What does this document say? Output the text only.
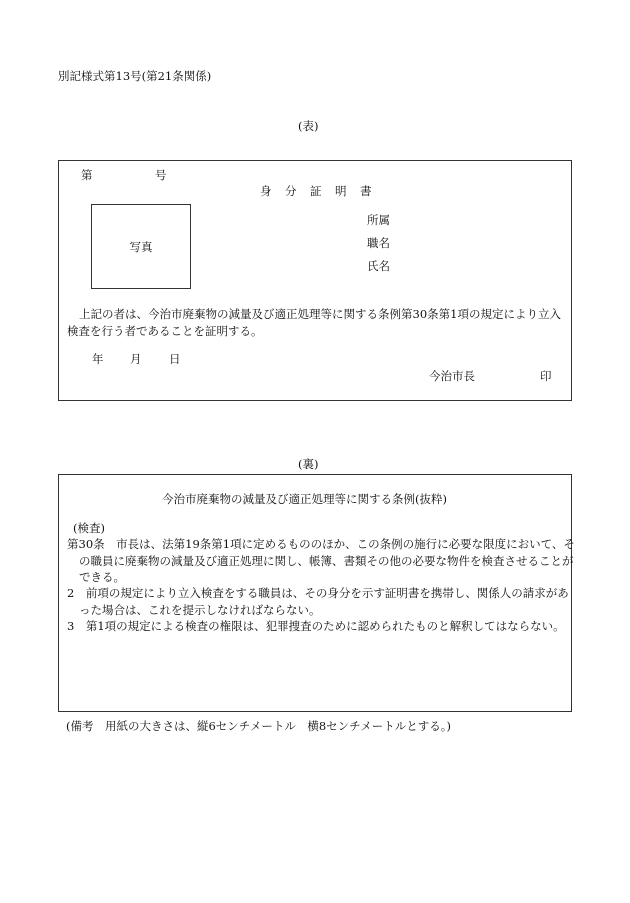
別記様式第13号(第21条関係)
(表)
第	号
身　分　証　明　書
写真
所属
職名
氏名
上記の者は、今治市廃棄物の減量及び適正処理等に関する条例第30条第1項の規定により立入検査を行う者であることを証明する。
年 月 日
今治市長	印
(裏)
今治市廃棄物の減量及び適正処理等に関する条例(抜粋)
(検査)
第30条　市長は、法第19条第1項に定めるもののほか、この条例の施行に必要な限度において、その職員に廃棄物の減量及び適正処理に関し、帳簿、書類その他の必要な物件を検査させることができる。
2　前項の規定により立入検査をする職員は、その身分を示す証明書を携帯し、関係人の請求があった場合は、これを提示しなければならない。
3　第1項の規定による検査の権限は、犯罪捜査のために認められたものと解釈してはならない。
(備考　用紙の大きさは、縦6センチメートル　横8センチメートルとする。)
